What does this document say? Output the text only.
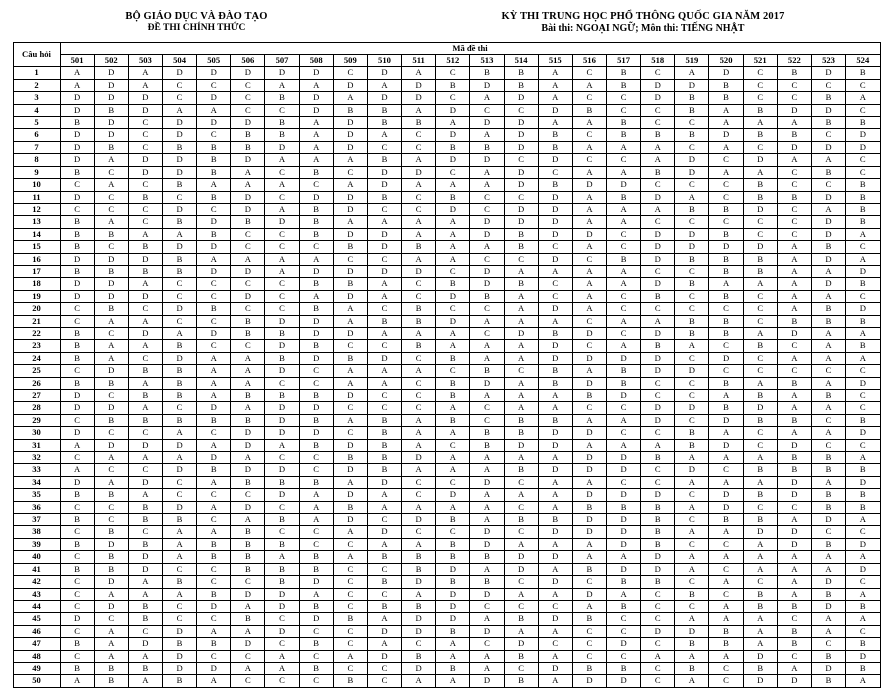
BỘ GIÁO DỤC VÀ ĐÀO TẠO
ĐỀ THI CHÍNH THỨC
KỲ THI TRUNG HỌC PHỔ THÔNG QUỐC GIA NĂM 2017
Bài thi: NGOẠI NGỮ; Môn thi: TIẾNG NHẬT
Câu hỏi	Mã đề thi																							
	501	502	503	504	505	506	507	508	509	510	511	512	513	514	515	516	517	518	519	520	521	522	523	524
1	A	D	A	D	D	D	D	D	C	D	A	C	B	B	A	C	B	C	A	D	C	B	D	B
2	A	D	A	C	C	C	A	A	D	A	D	B	D	B	A	A	B	D	D	B	C	C	C	C
3	D	D	D	C	D	C	B	D	A	D	D	C	A	D	A	C	C	D	B	B	C	C	B	A
4	D	B	D	A	A	C	C	D	B	B	A	D	C	C	D	B	C	C	B	A	B	D	D	C
5	B	D	C	D	D	D	B	A	D	B	B	A	D	D	A	A	B	C	C	A	A	A	B	B
6	D	D	C	D	C	B	B	A	D	A	C	D	A	D	B	C	B	B	B	D	B	B	C	D
7	D	B	C	B	B	B	D	A	D	C	C	B	B	D	B	A	A	A	C	A	C	D	D	D
8	D	A	D	D	B	D	A	A	A	B	A	D	D	C	D	C	C	A	D	C	D	A	A	C
9	B	C	D	D	B	A	C	B	C	D	D	C	A	D	C	A	A	B	D	A	A	C	B	C
10	C	A	C	B	A	A	A	C	A	D	A	A	A	D	B	D	D	C	C	C	B	C	C	B
11	D	C	B	C	B	D	C	D	D	B	C	B	C	C	D	A	B	D	A	C	B	B	D	B
12	C	C	C	D	C	D	A	B	D	C	C	D	C	D	D	A	A	A	B	B	D	C	A	B
13	B	A	C	B	D	B	D	B	A	A	A	A	D	D	D	A	A	C	C	C	C	C	D	B
14	B	B	A	A	B	C	C	B	D	D	A	A	D	B	D	D	C	D	D	B	C	C	D	A
15	B	C	B	D	D	C	C	C	B	D	B	A	A	B	C	A	C	D	D	D	D	A	B	C
16	D	D	D	B	A	A	A	A	C	C	A	A	C	C	D	C	B	D	B	B	B	A	D	A
17	B	B	B	B	D	D	A	D	D	D	D	C	D	A	A	A	A	C	C	B	B	A	A	D
18	D	D	A	C	C	C	C	B	B	A	C	B	D	B	C	A	A	D	B	A	A	A	D	B
19	D	D	D	C	C	D	C	A	D	A	C	D	B	A	C	A	C	B	C	B	C	A	A	C
20	C	B	C	D	B	C	C	B	A	C	B	C	C	A	D	A	C	C	C	C	C	A	B	D
21	C	A	A	C	C	B	D	D	A	B	B	D	A	A	A	C	A	A	B	B	C	B	B	B
22	B	C	D	A	D	B	B	D	D	A	A	A	C	D	B	D	C	D	B	B	A	D	A	A
23	B	A	A	B	C	C	D	B	C	C	B	A	A	A	D	C	A	B	A	C	B	C	A	B
24	B	A	C	D	A	A	B	D	B	D	C	B	A	A	D	D	D	D	C	D	C	A	A	A
25	C	D	B	B	A	A	D	C	A	A	A	C	B	C	B	A	B	D	D	C	C	C	C	C
26	B	B	A	B	A	A	C	C	A	A	C	B	D	A	B	D	B	C	C	B	A	B	A	D
27	D	C	B	B	A	B	B	B	D	C	C	B	A	A	A	B	D	C	C	A	B	A	B	C
28	D	D	A	C	D	A	D	D	C	C	C	A	C	A	A	C	C	D	D	B	D	A	A	C
29	C	B	B	B	B	B	D	B	A	B	A	B	C	B	B	A	A	D	C	D	B	B	C	B
30	D	C	C	A	C	D	D	D	C	B	A	A	B	B	D	D	C	C	B	A	C	A	A	D
31	A	D	D	D	A	D	A	B	D	B	A	C	B	D	D	A	A	A	B	D	C	D	C	C
32	C	A	A	A	D	A	C	C	B	B	D	A	A	A	A	D	D	B	A	A	A	B	B	A
33	A	C	C	D	B	D	D	C	D	B	A	A	A	B	D	D	D	C	D	C	B	B	B	B
34	D	A	D	C	A	B	B	B	A	D	C	C	D	C	A	A	C	C	A	A	A	D	A	D
35	B	B	A	C	C	C	D	A	D	A	C	D	A	A	A	D	D	D	C	D	B	D	B	B
36	C	C	B	D	A	D	C	A	B	A	A	A	A	C	A	B	B	B	A	D	C	C	B	B
37	B	C	B	B	C	A	B	A	D	C	D	B	A	B	B	D	D	B	C	B	B	A	D	A
38	C	B	C	A	A	B	C	C	A	D	C	C	D	C	D	D	D	B	A	A	D	D	C	C
39	B	D	B	A	B	B	B	C	C	A	A	B	D	A	A	A	D	B	C	C	A	D	B	D
40	C	B	D	A	B	B	A	B	A	B	B	B	B	D	D	A	A	D	A	A	A	A	A	A
41	B	B	D	C	C	B	B	B	C	C	B	D	A	D	A	B	D	D	A	C	A	A	A	D
42	C	D	A	B	C	C	B	D	C	B	D	B	B	C	D	C	B	B	C	A	C	A	D	C
43	C	A	A	A	B	D	D	A	C	C	A	D	D	A	A	D	A	C	B	C	B	A	B	A
44	C	D	B	C	D	A	D	B	C	B	B	D	C	C	C	A	B	C	C	A	B	B	D	B
45	D	C	B	C	C	B	C	D	B	A	D	D	A	B	D	B	C	C	A	A	A	C	A	A
46	C	A	C	D	A	A	D	C	C	D	D	B	D	A	A	C	C	D	D	B	A	B	A	C
47	B	A	D	B	B	D	C	B	C	A	C	A	C	D	C	C	D	C	B	B	A	B	C	B
48	C	A	A	D	C	C	A	C	A	D	B	A	A	B	A	C	C	A	A	A	D	C	B	D
49	B	B	B	D	D	A	A	B	C	C	D	B	A	C	D	B	B	C	B	C	B	A	D	B
50	A	B	A	B	A	C	C	C	B	C	A	A	D	B	A	D	D	C	A	C	D	D	B	A
